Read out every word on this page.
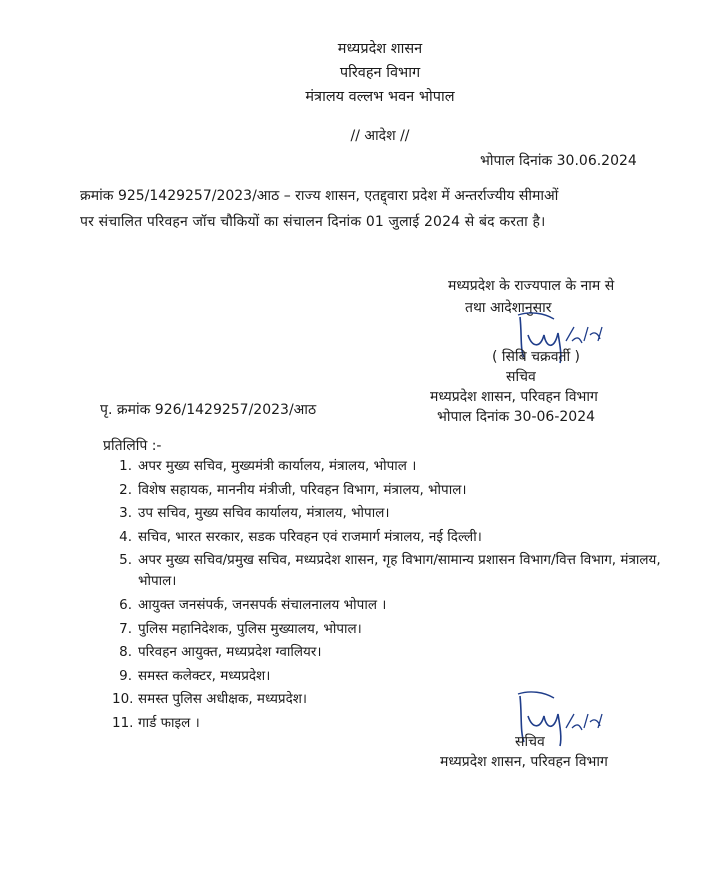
मध्यप्रदेश शासन
परिवहन विभाग
मंत्रालय वल्लभ भवन भोपाल
// आदेश //
भोपाल दिनांक 30.06.2024
क्रमांक 925/1429257/2023/आठ – राज्य शासन, एतद्द्वारा प्रदेश में अन्तर्राज्यीय सीमाओं
पर संचालित परिवहन जॉच चौकियों का संचालन दिनांक 01 जुलाई 2024 से बंद करता है।
मध्यप्रदेश के राज्यपाल के नाम से
तथा आदेशानुसार
( सिबि चक्रवर्ती )
सचिव
मध्यप्रदेश शासन, परिवहन विभाग
भोपाल दिनांक 30-06-2024
पृ. क्रमांक 926/1429257/2023/आठ
प्रतिलिपि :-
1. अपर मुख्य सचिव, मुख्यमंत्री कार्यालय, मंत्रालय, भोपाल ।
2. विशेष सहायक, माननीय मंत्रीजी, परिवहन विभाग, मंत्रालय, भोपाल।
3. उप सचिव, मुख्य सचिव कार्यालय, मंत्रालय, भोपाल।
4. सचिव, भारत सरकार, सडक परिवहन एवं राजमार्ग मंत्रालय, नई दिल्ली।
5. अपर मुख्य सचिव/प्रमुख सचिव, मध्यप्रदेश शासन, गृह विभाग/सामान्य प्रशासन विभाग/वित्त विभाग, मंत्रालय, भोपाल।
6. आयुक्त जनसंपर्क, जनसपर्क संचालनालय भोपाल ।
7. पुलिस महानिदेशक, पुलिस मुख्यालय, भोपाल।
8. परिवहन आयुक्त, मध्यप्रदेश ग्वालियर।
9. समस्त कलेक्टर, मध्यप्रदेश।
10. समस्त पुलिस अधीक्षक, मध्यप्रदेश।
11. गार्ड फाइल ।
सचिव
मध्यप्रदेश शासन, परिवहन विभाग
